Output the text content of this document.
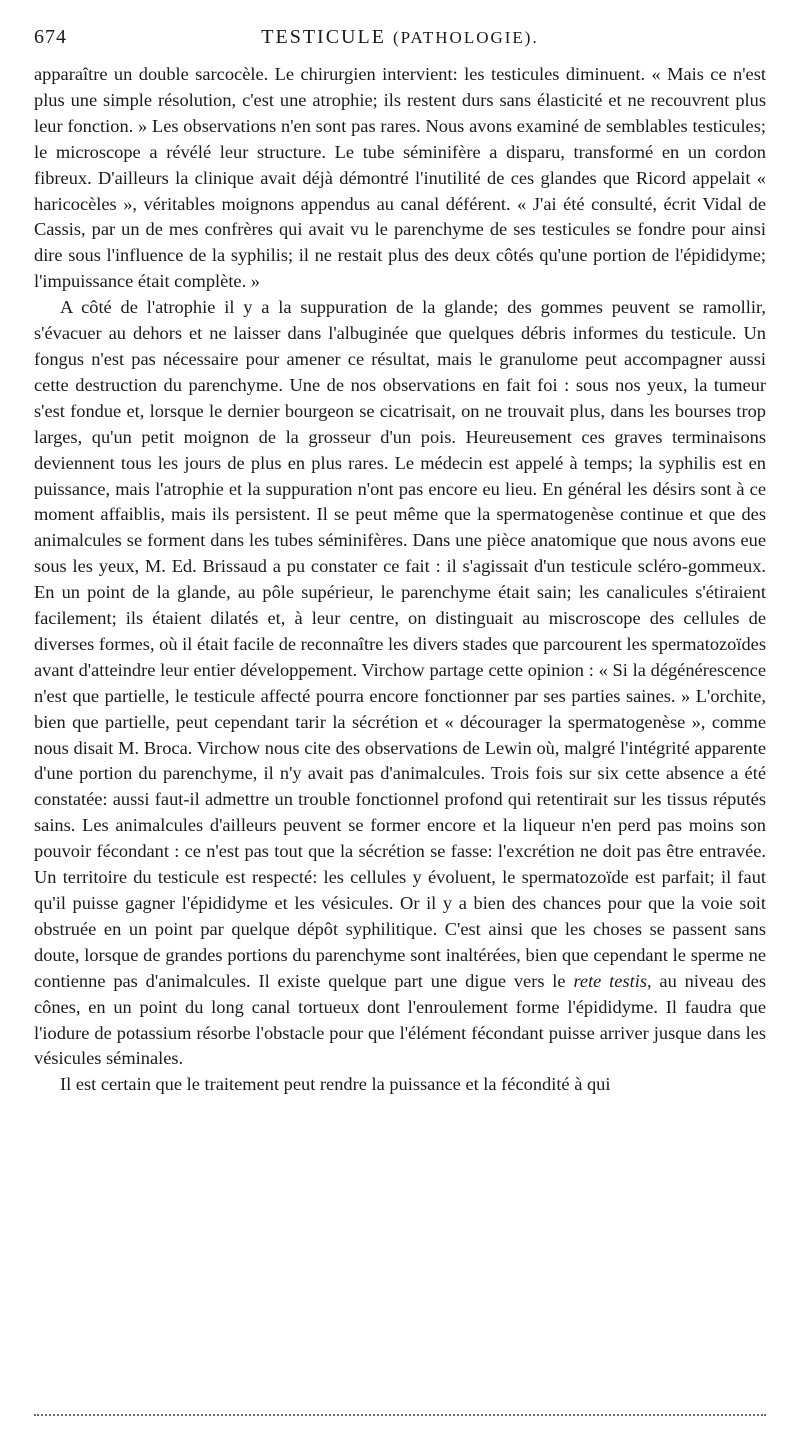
674	TESTICULE (PATHOLOGIE).

apparaître un double sarcocèle. Le chirurgien intervient: les testicules diminuent. « Mais ce n'est plus une simple résolution, c'est une atrophie; ils restent durs sans élasticité et ne recouvrent plus leur fonction. » Les observations n'en sont pas rares. Nous avons examiné de semblables testicules; le microscope a révélé leur structure. Le tube séminifère a disparu, transformé en un cordon fibreux. D'ailleurs la clinique avait déjà démontré l'inutilité de ces glandes que Ricord appelait « haricocèles », véritables moignons appendus au canal déférent. « J'ai été consulté, écrit Vidal de Cassis, par un de mes confrères qui avait vu le parenchyme de ses testicules se fondre pour ainsi dire sous l'influence de la syphilis; il ne restait plus des deux côtés qu'une portion de l'épididyme; l'impuissance était complète. »

A côté de l'atrophie il y a la suppuration de la glande; des gommes peuvent se ramollir, s'évacuer au dehors et ne laisser dans l'albuginée que quelques débris informes du testicule. Un fongus n'est pas nécessaire pour amener ce résultat, mais le granulome peut accompagner aussi cette destruction du parenchyme. Une de nos observations en fait foi : sous nos yeux, la tumeur s'est fondue et, lorsque le dernier bourgeon se cicatrisait, on ne trouvait plus, dans les bourses trop larges, qu'un petit moignon de la grosseur d'un pois. Heureusement ces graves terminaisons deviennent tous les jours de plus en plus rares. Le médecin est appelé à temps; la syphilis est en puissance, mais l'atrophie et la suppuration n'ont pas encore eu lieu. En général les désirs sont à ce moment affaiblis, mais ils persistent. Il se peut même que la spermatogenèse continue et que des animalcules se forment dans les tubes séminifères. Dans une pièce anatomique que nous avons eue sous les yeux, M. Ed. Brissaud a pu constater ce fait : il s'agissait d'un testicule scléro-gommeux. En un point de la glande, au pôle supérieur, le parenchyme était sain; les canalicules s'étiraient facilement; ils étaient dilatés et, à leur centre, on distinguait au miscroscope des cellules de diverses formes, où il était facile de reconnaître les divers stades que parcourent les spermatozoïdes avant d'atteindre leur entier développement. Virchow partage cette opinion : « Si la dégénérescence n'est que partielle, le testicule affecté pourra encore fonctionner par ses parties saines. » L'orchite, bien que partielle, peut cependant tarir la sécrétion et « décourager la spermatogenèse », comme nous disait M. Broca. Virchow nous cite des observations de Lewin où, malgré l'intégrité apparente d'une portion du parenchyme, il n'y avait pas d'animalcules. Trois fois sur six cette absence a été constatée: aussi faut-il admettre un trouble fonctionnel profond qui retentirait sur les tissus réputés sains. Les animalcules d'ailleurs peuvent se former encore et la liqueur n'en perd pas moins son pouvoir fécondant : ce n'est pas tout que la sécrétion se fasse: l'excrétion ne doit pas être entravée. Un territoire du testicule est respecté: les cellules y évoluent, le spermatozoïde est parfait; il faut qu'il puisse gagner l'épididyme et les vésicules. Or il y a bien des chances pour que la voie soit obstruée en un point par quelque dépôt syphilitique. C'est ainsi que les choses se passent sans doute, lorsque de grandes portions du parenchyme sont inaltérées, bien que cependant le sperme ne contienne pas d'animalcules. Il existe quelque part une digue vers le rete testis, au niveau des cônes, en un point du long canal tortueux dont l'enroulement forme l'épididyme. Il faudra que l'iodure de potassium résorbe l'obstacle pour que l'élément fécondant puisse arriver jusque dans les vésicules séminales.

Il est certain que le traitement peut rendre la puissance et la fécondité à qui
